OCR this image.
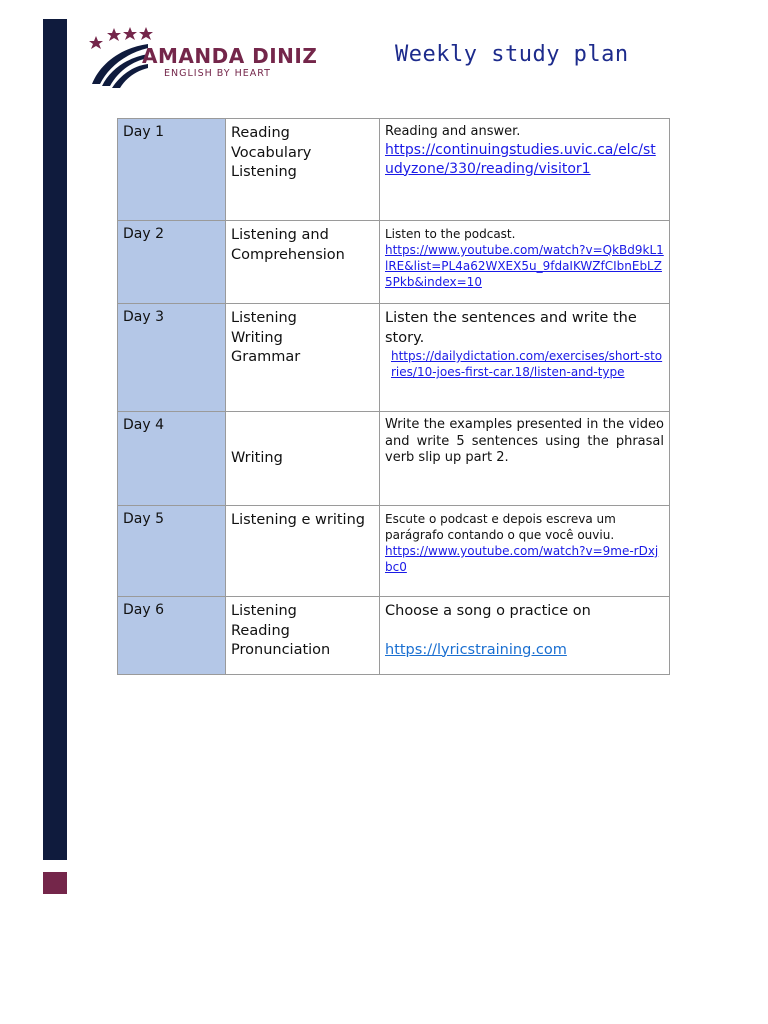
AMANDA DINIZ
ENGLISH BY HEART
Weekly study plan
Day 1	Reading
Vocabulary
Listening	Reading and answer.
https://continuingstudies.uvic.ca/elc/studyzone/330/reading/visitor1

Day 2	Listening and
Comprehension	Listen to the podcast.
https://www.youtube.com/watch?v=QkBd9kL1lRE&list=PL4a62WXEX5u_9fdaIKWZfCIbnEbLZ5Pkb&index=10

Day 3	Listening
Writing
Grammar	Listen the sentences and write the story.
https://dailydictation.com/exercises/short-stories/10-joes-first-car.18/listen-and-type

Day 4	Writing	Write the examples presented in the video and write 5 sentences using the phrasal verb slip up part 2.
Day 5	Listening e writing	Escute o podcast e depois escreva um parágrafo contando o que você ouviu.
https://www.youtube.com/watch?v=9me-rDxjbc0

Day 6	Listening
Reading
Pronunciation	Choose a song o practice on
https://lyricstraining.com
